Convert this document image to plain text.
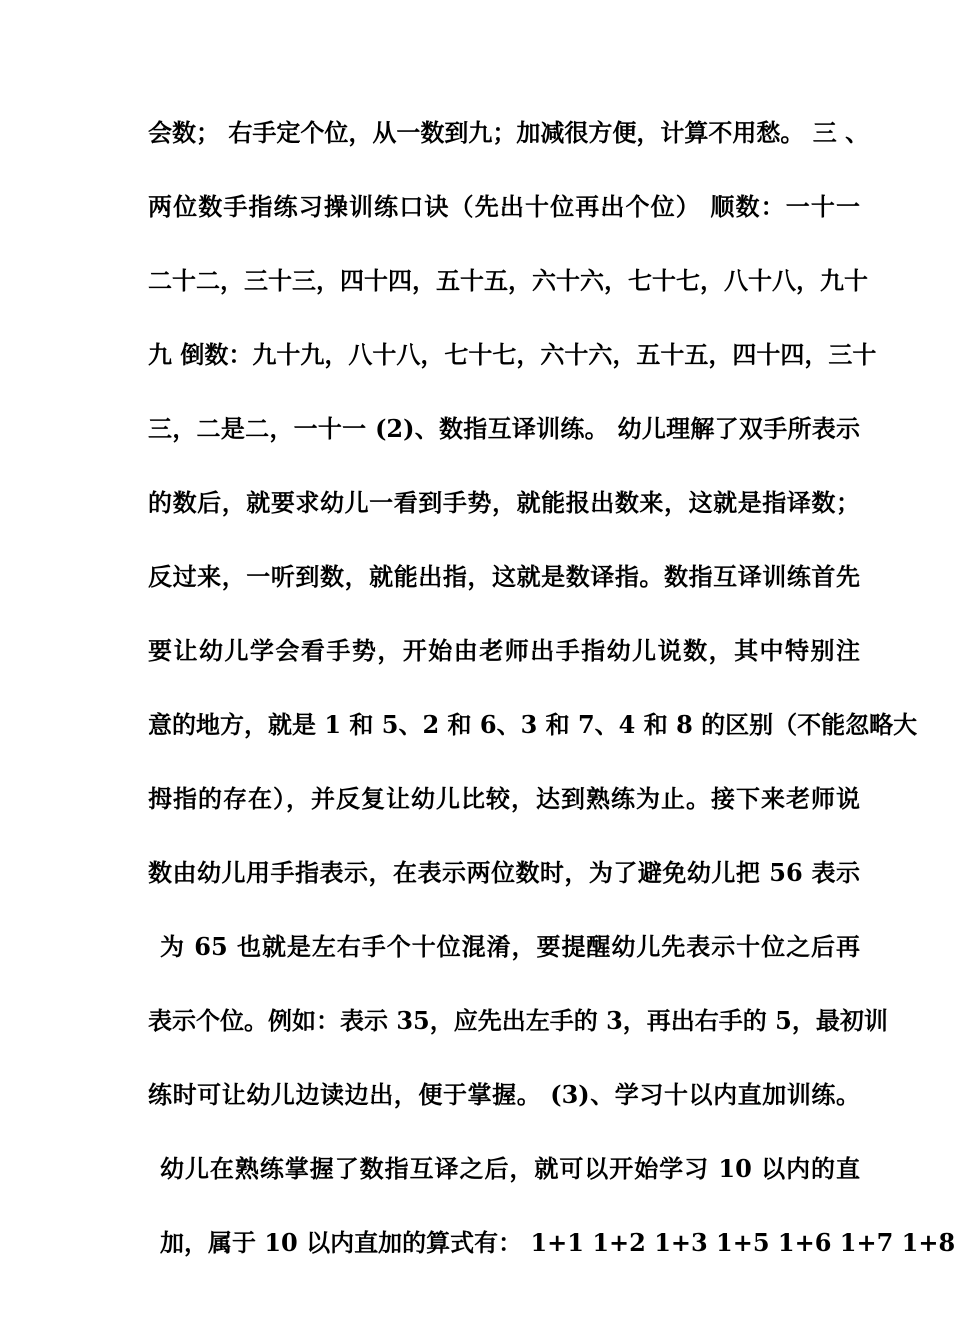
会数； 右手定个位，从一数到九；加减很方便，计算不用愁。 三 、
两位数手指练习操训练口诀（先出十位再出个位） 顺数：一十一
二十二，三十三，四十四，五十五，六十六，七十七，八十八，九十
九 倒数：九十九，八十八，七十七，六十六，五十五，四十四，三十
三，二是二，一十一 (2)、数指互译训练。 幼儿理解了双手所表示
的数后，就要求幼儿一看到手势，就能报出数来，这就是指译数；
反过来，一听到数，就能出指，这就是数译指。数指互译训练首先
要让幼儿学会看手势，开始由老师出手指幼儿说数，其中特别注
意的地方，就是 1 和 5、2 和 6、3 和 7、4 和 8 的区别（不能忽略大
拇指的存在），并反复让幼儿比较，达到熟练为止。接下来老师说
数由幼儿用手指表示，在表示两位数时，为了避免幼儿把 56 表示
为 65 也就是左右手个十位混淆，要提醒幼儿先表示十位之后再
表示个位。例如：表示 35，应先出左手的 3，再出右手的 5，最初训
练时可让幼儿边读边出，便于掌握。 (3)、学习十以内直加训练。
幼儿在熟练掌握了数指互译之后，就可以开始学习 10 以内的直
加，属于 10 以内直加的算式有： 1+1 1+2 1+3 1+5 1+6 1+7 1+8
